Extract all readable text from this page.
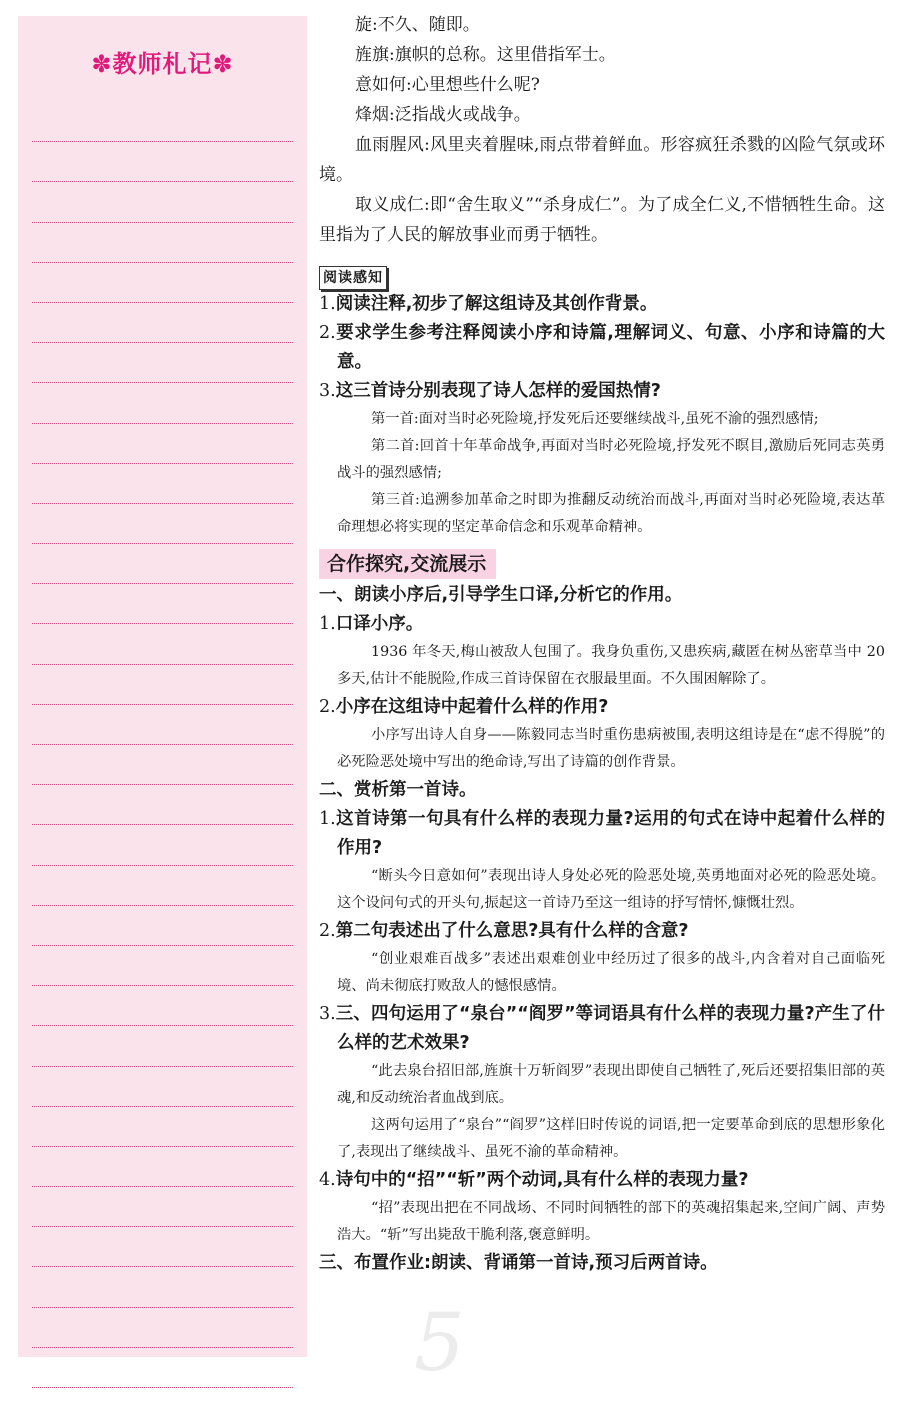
✽教师札记✽
5

旋:不久、随即。

旌旗:旗帜的总称。这里借指军士。

意如何:心里想些什么呢?

烽烟:泛指战火或战争。

血雨腥风:风里夹着腥味,雨点带着鲜血。形容疯狂杀戮的凶险气氛或环境。

取义成仁:即“舍生取义”“杀身成仁”。为了成全仁义,不惜牺牲生命。这里指为了人民的解放事业而勇于牺牲。

阅读感知

1.阅读注释,初步了解这组诗及其创作背景。

2.要求学生参考注释阅读小序和诗篇,理解词义、句意、小序和诗篇的大意。

3.这三首诗分别表现了诗人怎样的爱国热情?

第一首:面对当时必死险境,抒发死后还要继续战斗,虽死不渝的强烈感情;

第二首:回首十年革命战争,再面对当时必死险境,抒发死不瞑目,激励后死同志英勇战斗的强烈感情;

第三首:追溯参加革命之时即为推翻反动统治而战斗,再面对当时必死险境,表达革命理想必将实现的坚定革命信念和乐观革命精神。

合作探究,交流展示

一、朗读小序后,引导学生口译,分析它的作用。

1.口译小序。

1936 年冬天,梅山被敌人包围了。我身负重伤,又患疾病,藏匿在树丛密草当中 20 多天,估计不能脱险,作成三首诗保留在衣服最里面。不久围困解除了。

2.小序在这组诗中起着什么样的作用?

小序写出诗人自身——陈毅同志当时重伤患病被围,表明这组诗是在“虑不得脱”的必死险恶处境中写出的绝命诗,写出了诗篇的创作背景。

二、赏析第一首诗。

1.这首诗第一句具有什么样的表现力量?运用的句式在诗中起着什么样的作用?

“断头今日意如何”表现出诗人身处必死的险恶处境,英勇地面对必死的险恶处境。这个设问句式的开头句,振起这一首诗乃至这一组诗的抒写情怀,慷慨壮烈。

2.第二句表述出了什么意思?具有什么样的含意?

“创业艰难百战多”表述出艰难创业中经历过了很多的战斗,内含着对自己面临死境、尚未彻底打败敌人的憾恨感情。

3.三、四句运用了“泉台”“阎罗”等词语具有什么样的表现力量?产生了什么样的艺术效果?

“此去泉台招旧部,旌旗十万斩阎罗”表现出即使自己牺牲了,死后还要招集旧部的英魂,和反动统治者血战到底。

这两句运用了“泉台”“阎罗”这样旧时传说的词语,把一定要革命到底的思想形象化了,表现出了继续战斗、虽死不渝的革命精神。

4.诗句中的“招”“斩”两个动词,具有什么样的表现力量?

“招”表现出把在不同战场、不同时间牺牲的部下的英魂招集起来,空间广阔、声势浩大。“斩”写出毙敌干脆利落,褒意鲜明。

三、布置作业:朗读、背诵第一首诗,预习后两首诗。
